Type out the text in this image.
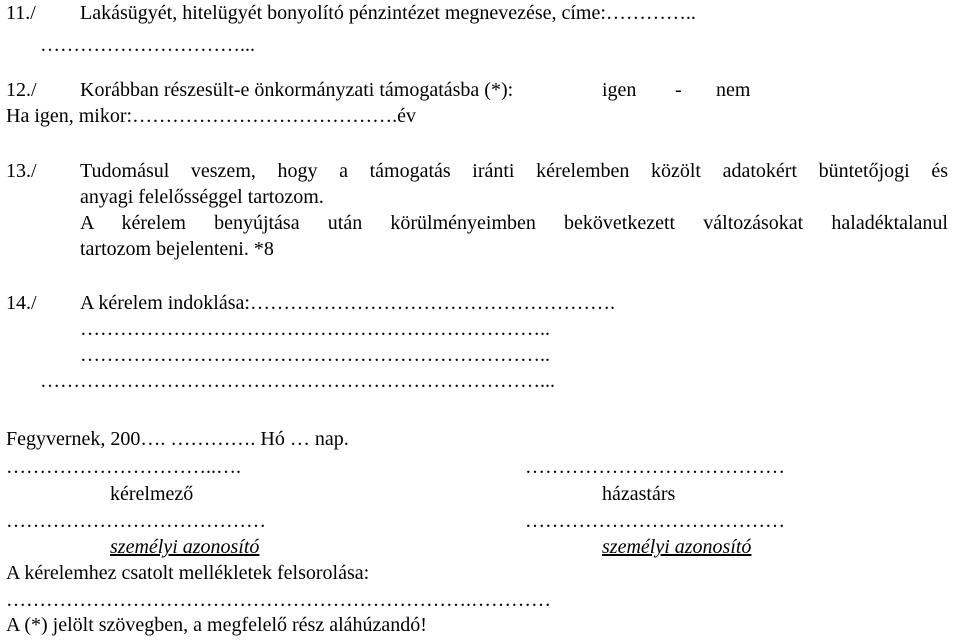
11./ Lakásügyét, hitelügyét bonyolító pénzintézet megnevezése, címe:…………..
…………………………...
12./ Korábban részesült-e önkormányzati támogatásba (*):	igen - nem
Ha igen, mikor:………………………………….év
13./ Tudomásul veszem, hogy a támogatás iránti kérelemben közölt adatokért büntetőjogi és
anyagi felelősséggel tartozom.
A kérelem benyújtása után körülményeimben bekövetkezett változásokat haladéktalanul
tartozom bejelenteni. *8
14./ A kérelem indoklása:……………………………………………….
……………………………………………………………..
……………………………………………………………..
…………………………………………………………………...
Fegyvernek, 200…. …………. Hó … nap.
…………………………..….	…………………………………
kérelmező	házastárs
…………………………………	…………………………………
személyi azonosító	személyi azonosító
A kérelemhez csatolt mellékletek felsorolása:
…………………………………………………………….…………
A (*) jelölt szövegben, a megfelelő rész aláhúzandó!
